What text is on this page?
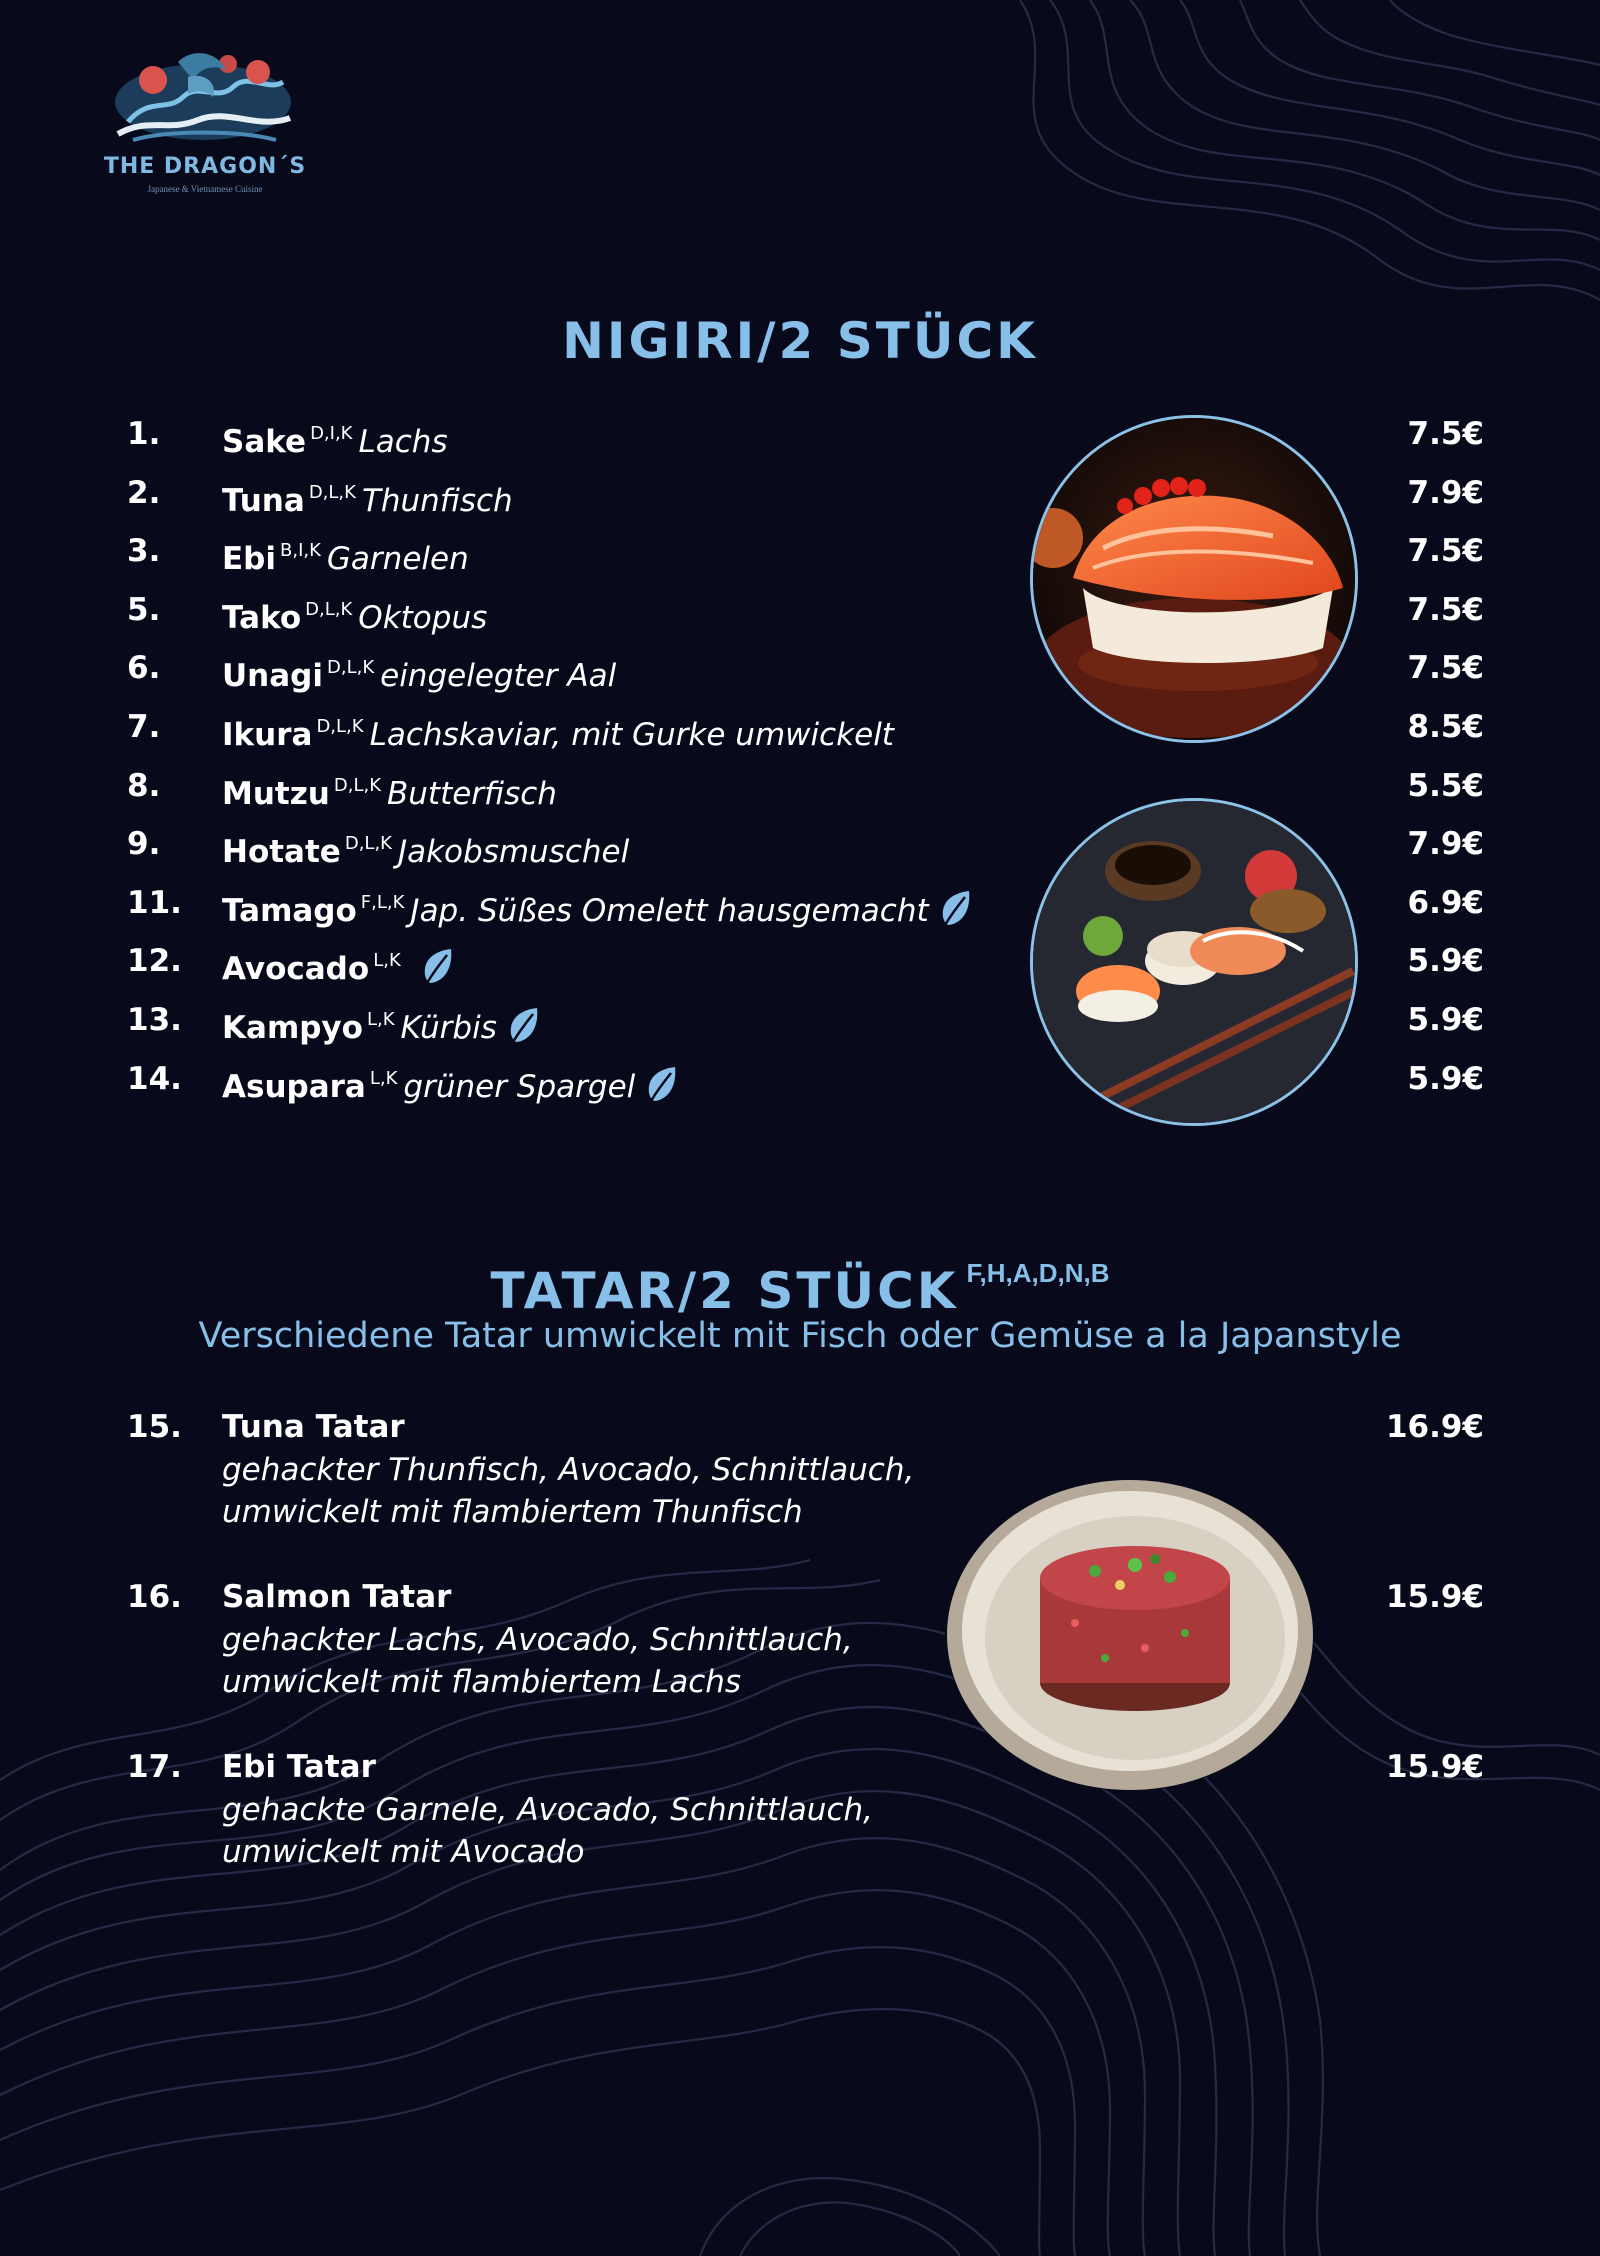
THE DRAGON´S
Japanese & Vietnamese Cuisine
NIGIRI/2 STÜCK
1. Sake $^{D,I,K}$ Lachs	7.5€
2. Tuna $^{D,L,K}$ Thunfisch	7.9€
3. Ebi $^{B,I,K}$ Garnelen	7.5€
5. Tako $^{D,L,K}$ Oktopus	7.5€
6. Unagi $^{D,L,K}$ eingelegter Aal	7.5€
7. Ikura $^{D,L,K}$ Lachskaviar, mit Gurke umwickelt	8.5€
8. Mutzu $^{D,L,K}$ Butterfisch	5.5€
9. Hotate $^{D,L,K}$ Jakobsmuschel	7.9€
11. Tamago $^{F,L,K}$ Jap. Süßes Omelett hausgemacht	6.9€
12. Avocado $^{L,K}$	5.9€
13. Kampyo $^{L,K}$ Kürbis	5.9€
14. Asupara $^{L,K}$ grüner Spargel	5.9€
TATAR/2 STÜCK $^{F,H,A,D,N,B}$
Verschiedene Tatar umwickelt mit Fisch oder Gemüse a la Japanstyle
15. Tuna Tatar
gehackter Thunfisch, Avocado, Schnittlauch,
umwickelt mit flambiertem Thunfisch
16.9€
16. Salmon Tatar
gehackter Lachs, Avocado, Schnittlauch,
umwickelt mit flambiertem Lachs
15.9€
17. Ebi Tatar
gehackte Garnele, Avocado, Schnittlauch,
umwickelt mit Avocado
15.9€
